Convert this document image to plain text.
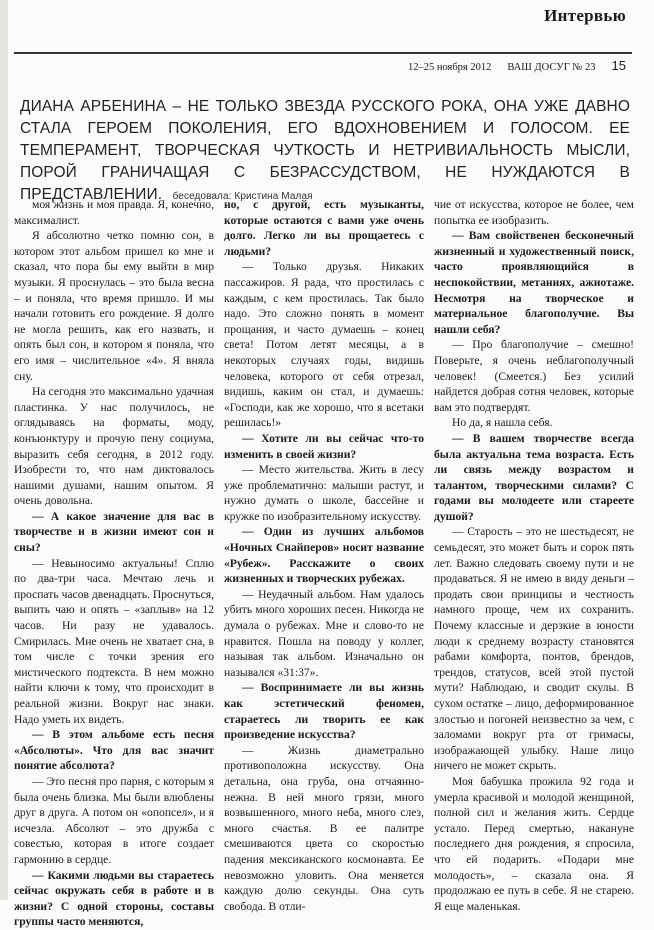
Интервью
12–25 ноября 2012 ВАШ ДОСУГ № 23 15
ДИАНА АРБЕНИНА – НЕ ТОЛЬКО ЗВЕЗДА РУССКОГО РОКА, ОНА УЖЕ ДАВНО СТАЛА ГЕРОЕМ ПОКОЛЕНИЯ, ЕГО ВДОХНОВЕНИЕМ И ГОЛОСОМ. ЕЕ ТЕМПЕРАМЕНТ, ТВОРЧЕСКАЯ ЧУТКОСТЬ И НЕТРИВИАЛЬНОСТЬ МЫСЛИ, ПОРОЙ ГРАНИЧАЩАЯ С БЕЗРАССУДСТВОМ, НЕ НУЖДАЮТСЯ В ПРЕДСТАВЛЕНИИ. беседовала: Кристина Малая

моя жизнь и моя правда. Я, конечно, максималист.

Я абсолютно четко помню сон, в котором этот альбом пришел ко мне и сказал, что пора бы ему выйти в мир музыки. Я проснулась – это была весна – и поняла, что время пришло. И мы начали готовить его рождение. Я долго не могла решить, как его назвать, и опять был сон, в котором я поняла, что его имя – числительное «4». Я вняла сну.

На сегодня это максимально удачная пластинка. У нас получилось, не оглядываясь на форматы, моду, конъюнктуру и прочую пену социума, выразить себя сегодня, в 2012 году. Изобрести то, что нам диктовалось нашими душами, нашим опытом. Я очень довольна.

— А какое значение для вас в творчестве и в жизни имеют сон и сны?

— Невыносимо актуальны! Сплю по два-три часа. Мечтаю лечь и проспать часов двенадцать. Проснуться, выпить чаю и опять – «заплыв» на 12 часов. Ни разу не удавалось. Смирилась. Мне очень не хватает сна, в том числе с точки зрения его мистического подтекста. В нем можно найти ключи к тому, что происходит в реальной жизни. Вокруг нас знаки. Надо уметь их видеть.

— В этом альбоме есть песня «Абсолюты». Что для вас значит понятие абсолюта?

— Это песня про парня, с которым я была очень близка. Мы были влюблены друг в друга. А потом он «опопсел», и я исчезла. Абсолют – это дружба с совестью, которая в итоге создает гармонию в сердце.

— Какими людьми вы стараетесь сейчас окружать себя в работе и в жизни? С одной стороны, составы группы часто меняются,

но, с другой, есть музыканты, которые остаются с вами уже очень долго. Легко ли вы прощаетесь с людьми?

— Только друзья. Никаких пассажиров. Я рада, что простилась с каждым, с кем простилась. Так было надо. Это сложно понять в момент прощания, и часто думаешь – конец света! Потом летят месяцы, а в некоторых случаях годы, видишь человека, которого от себя отрезал, видишь, каким он стал, и думаешь: «Господи, как же хорошо, что я всетаки решилась!»

— Хотите ли вы сейчас что-то изменить в своей жизни?

— Место жительства. Жить в лесу уже проблематично: малыши растут, и нужно думать о школе, бассейне и кружке по изобразительному искусству.

— Один из лучших альбомов «Ночных Снайперов» носит название «Рубеж». Расскажите о своих жизненных и творческих рубежах.

— Неудачный альбом. Нам удалось убить много хороших песен. Никогда не думала о рубежах. Мне и слово-то не нравится. Пошла на поводу у коллег, называя так альбом. Изначально он назывался «31:37».

— Воспринимаете ли вы жизнь как эстетический феномен, стараетесь ли творить ее как произведение искусства?

— Жизнь диаметрально противоположна искусству. Она детальна, она груба, она отчаянно-нежна. В ней много грязи, много возвышенного, много неба, много слез, много счастья. В ее палитре смешиваются цвета со скоростью падения мексиканского космонавта. Ее невозможно уловить. Она меняется каждую долю секунды. Она суть свобода. В отли-

чие от искусства, которое не более, чем попытка ее изобразить.

— Вам свойственен бесконечный жизненный и художественный поиск, часто проявляющийся в неспокойствии, метаниях, ажиотаже. Несмотря на творческое и материальное благополучие. Вы нашли себя?

— Про благополучие – смешно! Поверьте, я очень неблагополучный человек! (Смеется.) Без усилий найдется добрая сотня человек, которые вам это подтвердят.

Но да, я нашла себя.

— В вашем творчестве всегда была актуальна тема возраста. Есть ли связь между возрастом и талантом, творческими силами? С годами вы молодеете или стареете душой?

— Старость – это не шестьдесят, не семьдесят, это может быть и сорок пять лет. Важно следовать своему пути и не продаваться. Я не имею в виду деньги – продать свои принципы и честность намного проще, чем их сохранить. Почему классные и дерзкие в юности люди к среднему возрасту становятся рабами комфорта, понтов, брендов, трендов, статусов, всей этой пустой мути? Наблюдаю, и сводит скулы. В сухом остатке – лицо, деформированное злостью и погоней неизвестно за чем, с заломами вокруг рта от гримасы, изображающей улыбку. Наше лицо ничего не может скрыть.

Моя бабушка прожила 92 года и умерла красивой и молодой женщиной, полной сил и желания жить. Сердце устало. Перед смертью, накануне последнего дня рождения, я спросила, что ей подарить. «Подари мне молодость», – сказала она. Я продолжаю ее путь в себе. Я не старею. Я еще маленькая.
